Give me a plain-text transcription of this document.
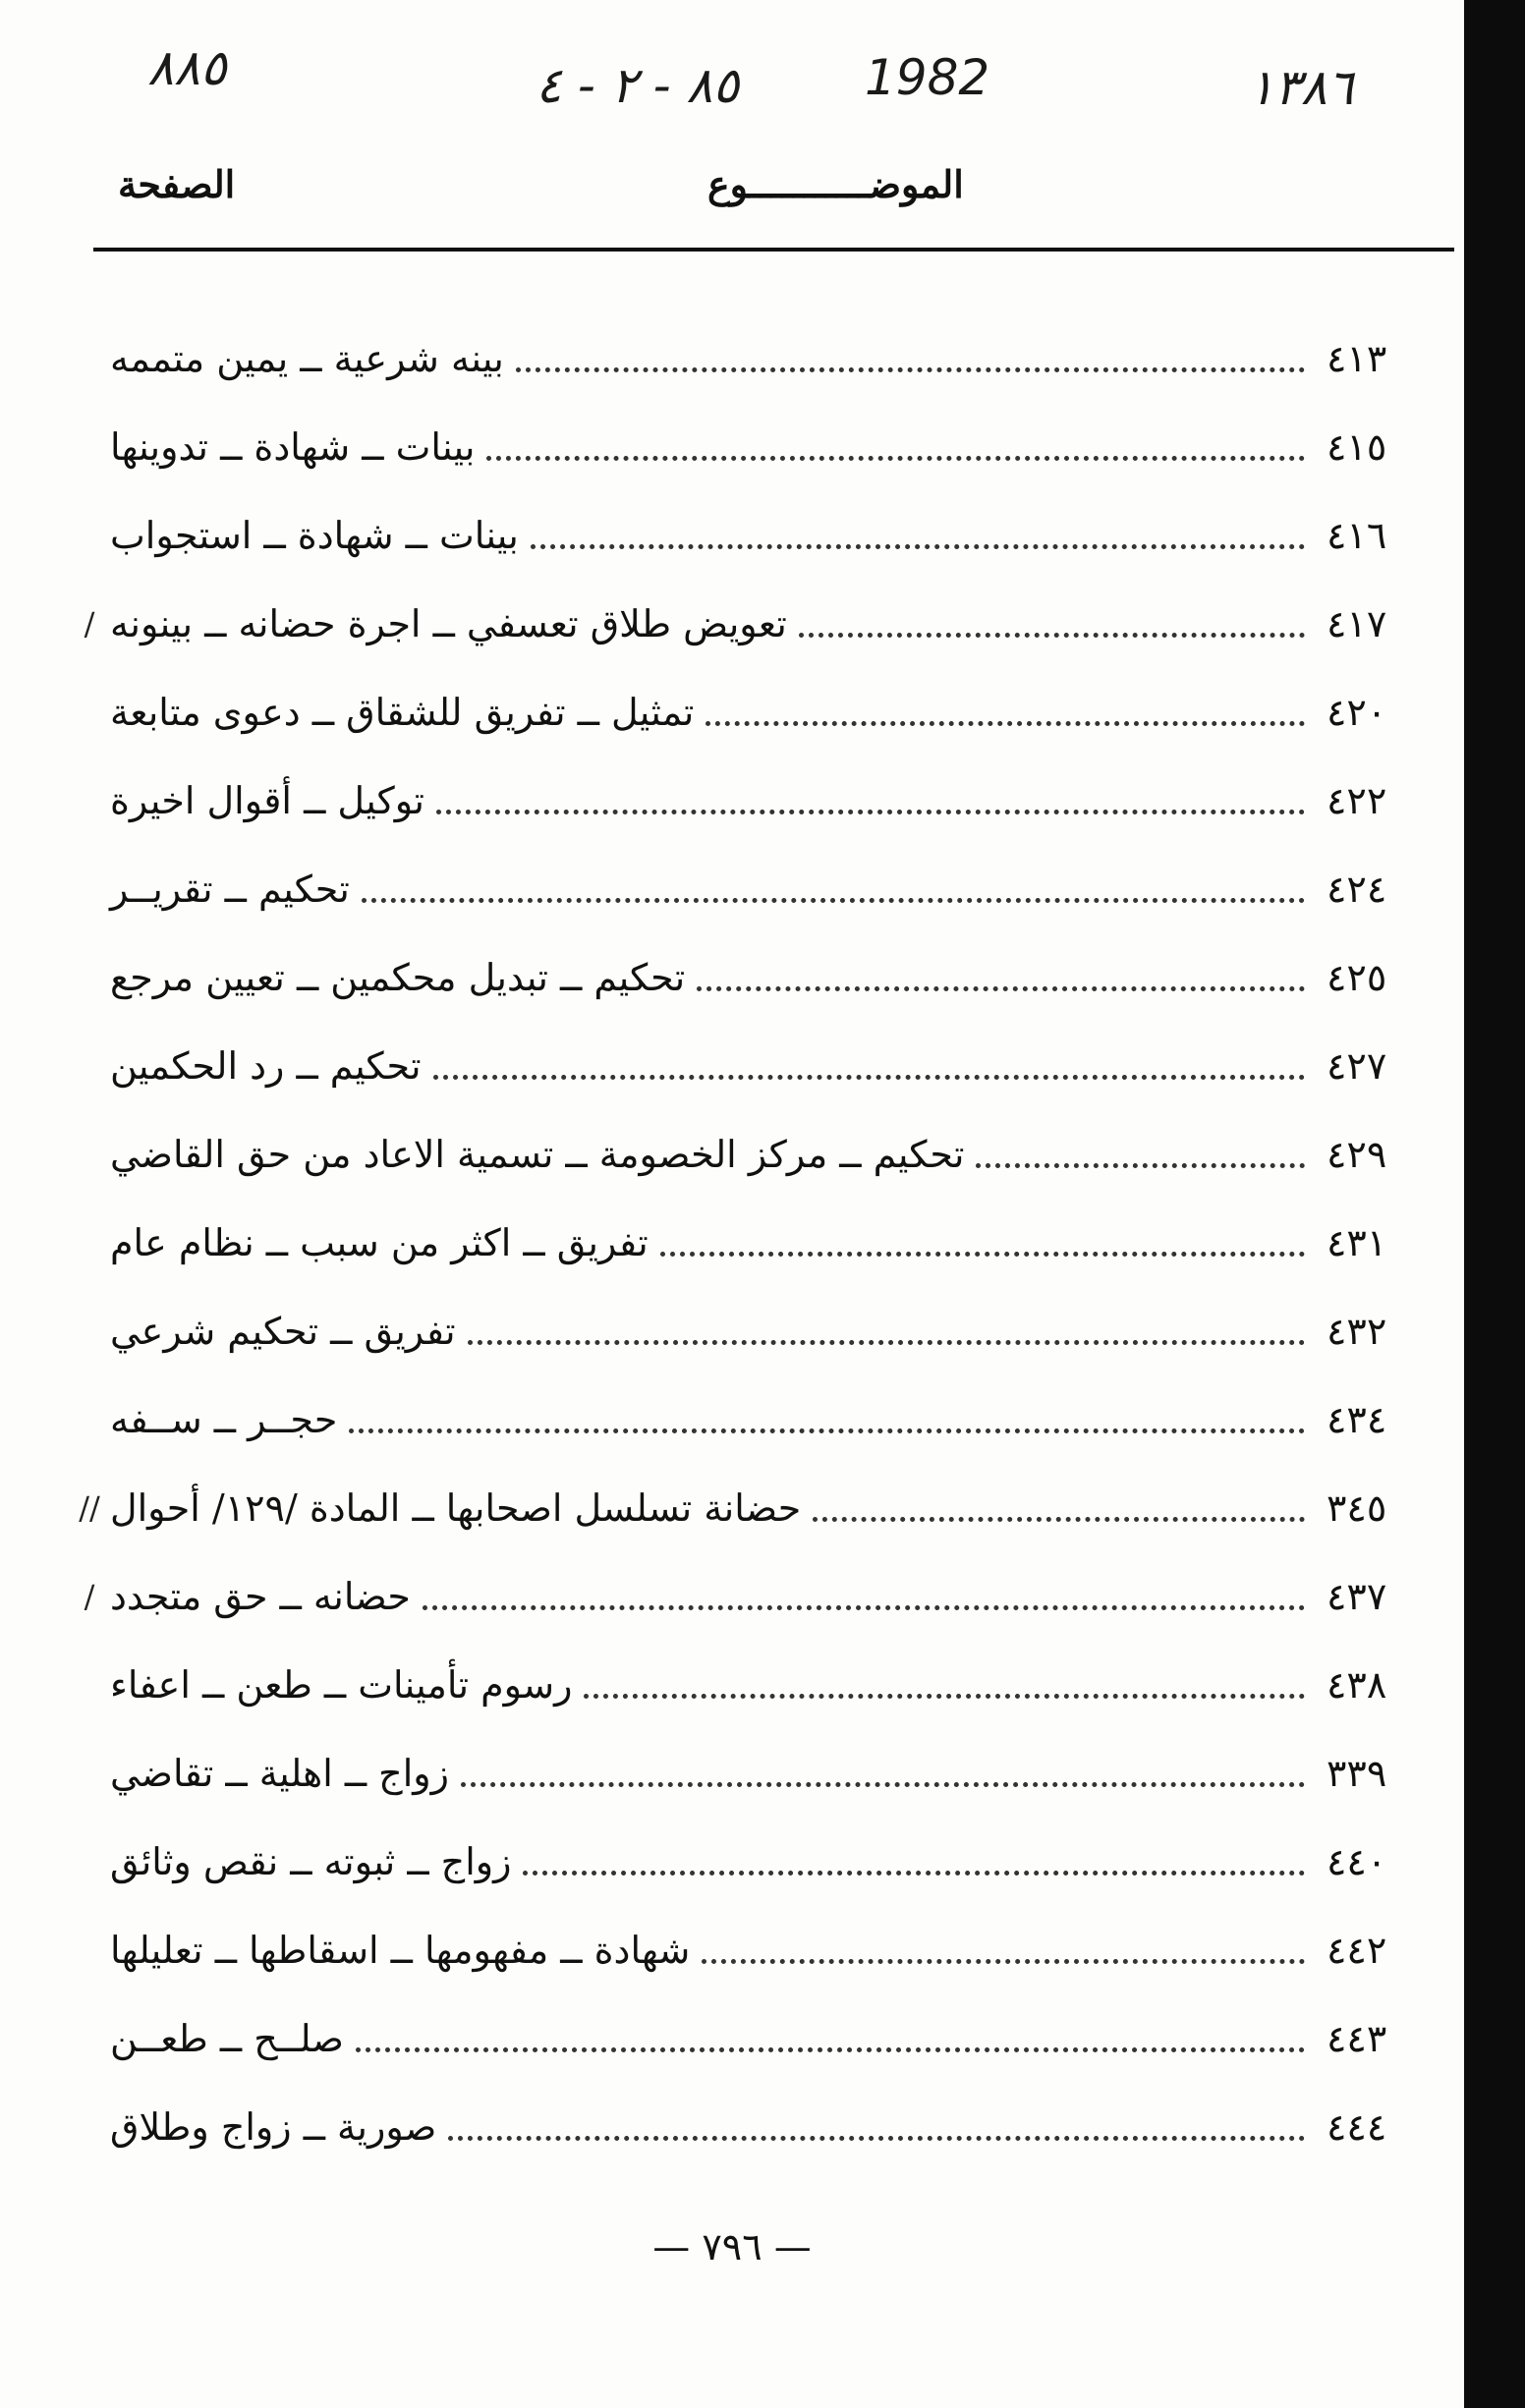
٨٨٥	٨٥ - ٢ - ٤	1982	١٣٨٦
الصفحة	الموضـــــــــــوع
بينه شرعية ــ يمين متممه	٤١٣
بينات ــ شهادة ــ تدوينها	٤١٥
بينات ــ شهادة ــ استجواب	٤١٦
/ تعويض طلاق تعسفي ــ اجرة حضانه ــ بينونه	٤١٧
تمثيل ــ تفريق للشقاق ــ دعوى متابعة	٤٢٠
توكيل ــ أقوال اخيرة	٤٢٢
تحكيم ــ تقريــر	٤٢٤
تحكيم ــ تبديل محكمين ــ تعيين مرجع	٤٢٥
تحكيم ــ رد الحكمين	٤٢٧
تحكيم ــ مركز الخصومة ــ تسمية الاعاد من حق القاضي	٤٢٩
تفريق ــ اكثر من سبب ــ نظام عام	٤٣١
تفريق ــ تحكيم شرعي	٤٣٢
حجــر ــ ســفه	٤٣٤
// حضانة تسلسل اصحابها ــ المادة /١٢٩/ أحوال	٣٤٥
/ حضانه ــ حق متجدد	٤٣٧
رسوم تأمينات ــ طعن ــ اعفاء	٤٣٨
زواج ــ اهلية ــ تقاضي	٣٣٩
زواج ــ ثبوته ــ نقص وثائق	٤٤٠
شهادة ــ مفهومها ــ اسقاطها ــ تعليلها	٤٤٢
صلــح ــ طعــن	٤٤٣
صورية ــ زواج وطلاق	٤٤٤
— ٧٩٦ —
